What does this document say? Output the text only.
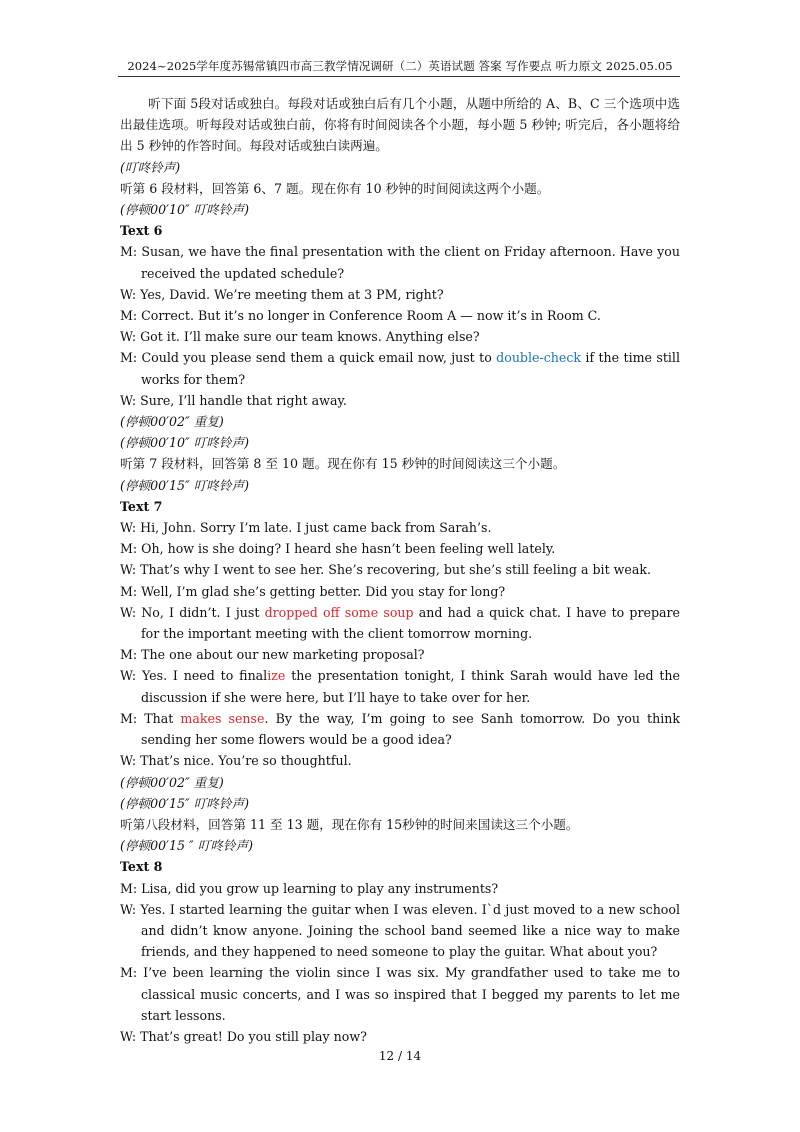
2024~2025学年度苏锡常镇四市高三教学情况调研（二）英语试题 答案 写作要点 听力原文 2025.05.05

听下面 5段对话或独白。每段对话或独白后有几个小题，从题中所给的 A、B、C 三个选项中选出最佳选项。听每段对话或独白前，你将有时间阅读各个小题，每小题 5 秒钟; 听完后，各小题将给出 5 秒钟的作答时间。每段对话或独白读两遍。

(叮咚铃声)

听第 6 段材料，回答第 6、7 题。现在你有 10 秒钟的时间阅读这两个小题。

(停顿00′10″ 叮咚铃声)

Text 6

M: Susan, we have the final presentation with the client on Friday afternoon. Have you received the updated schedule?

W: Yes, David. We’re meeting them at 3 PM, right?

M: Correct. But it’s no longer in Conference Room A — now it’s in Room C.

W: Got it. I’ll make sure our team knows. Anything else?

M: Could you please send them a quick email now, just to double-check if the time still works for them?

W: Sure, I’ll handle that right away.

(停顿00′02″ 重复)

(停顿00′10″ 叮咚铃声)

听第 7 段材料，回答第 8 至 10 题。现在你有 15 秒钟的时间阅读这三个小题。

(停顿00′15″ 叮咚铃声)

Text 7

W: Hi, John. Sorry I’m late. I just came back from Sarah’s.

M: Oh, how is she doing? I heard she hasn’t been feeling well lately.

W: That’s why I went to see her. She’s recovering, but she’s still feeling a bit weak.

M: Well, I’m glad she’s getting better. Did you stay for long?

W: No, I didn’t. I just dropped off some soup and had a quick chat. I have to prepare for the important meeting with the client tomorrow morning.

M: The one about our new marketing proposal?

W: Yes. I need to finalize the presentation tonight, I think Sarah would have led the discussion if she were here, but I’ll haye to take over for her.

M: That makes sense. By the way, I’m going to see Sanh tomorrow. Do you think sending her some flowers would be a good idea?

W: That’s nice. You’re so thoughtful.

(停顿00′02″ 重复)

(停顿00′15″ 叮咚铃声)

听第八段材料，回答第 11 至 13 题，现在你有 15秒钟的时间来国读这三个小题。

(停顿00′15 ″ 叮咚铃声)

Text 8

M: Lisa, did you grow up learning to play any instruments?

W: Yes. I started learning the guitar when I was eleven. I`d just moved to a new school and didn’t know anyone. Joining the school band seemed like a nice way to make friends, and they happened to need someone to play the guitar. What about you?

M: I’ve been learning the violin since I was six. My grandfather used to take me to classical music concerts, and I was so inspired that I begged my parents to let me start lessons.

W: That’s great! Do you still play now?

12 / 14
